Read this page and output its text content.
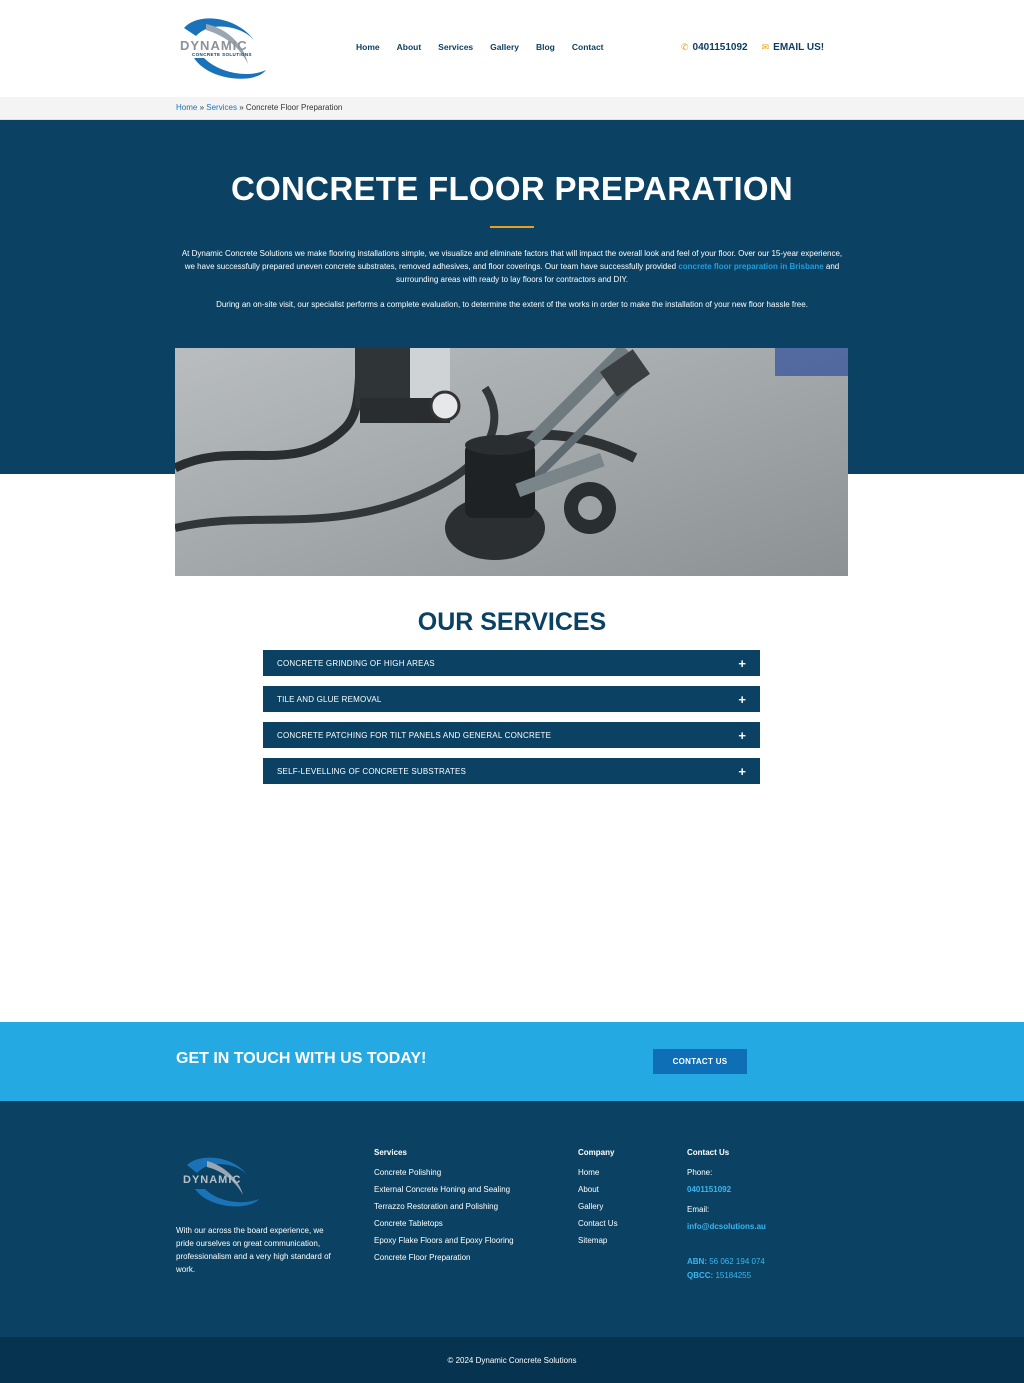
DYNAMIC
CONCRETE SOLUTIONS
Home About Services Gallery Blog Contact	✆ 0401151092 ✉ EMAIL US!
Home » Services » Concrete Floor Preparation
CONCRETE FLOOR PREPARATION

At Dynamic Concrete Solutions we make flooring installations simple, we visualize and eliminate factors that will impact the overall look and feel of your floor. Over our 15-year experience, we have successfully prepared uneven concrete substrates, removed adhesives, and floor coverings. Our team have successfully provided concrete floor preparation in Brisbane and surrounding areas with ready to lay floors for contractors and DIY.

During an on-site visit, our specialist performs a complete evaluation, to determine the extent of the works in order to make the installation of your new floor hassle free.

OUR SERVICES
CONCRETE GRINDING OF HIGH AREAS	+
TILE AND GLUE REMOVAL	+
CONCRETE PATCHING FOR TILT PANELS AND GENERAL CONCRETE	+
SELF-LEVELLING OF CONCRETE SUBSTRATES	+
GET IN TOUCH WITH US TODAY!	CONTACT US
DYNAMIC

With our across the board experience, we pride ourselves on great communication, professionalism and a very high standard of work.

Services
Concrete Polishing
External Concrete Honing and Sealing
Terrazzo Restoration and Polishing
Concrete Tabletops
Epoxy Flake Floors and Epoxy Flooring
Concrete Floor Preparation
Company
Home
About
Gallery
Contact Us
Sitemap
Contact Us
Phone:
0401151092
Email:
info@dcsolutions.au
ABN: 56 062 194 074
QBCC: 15184255
© 2024 Dynamic Concrete Solutions
